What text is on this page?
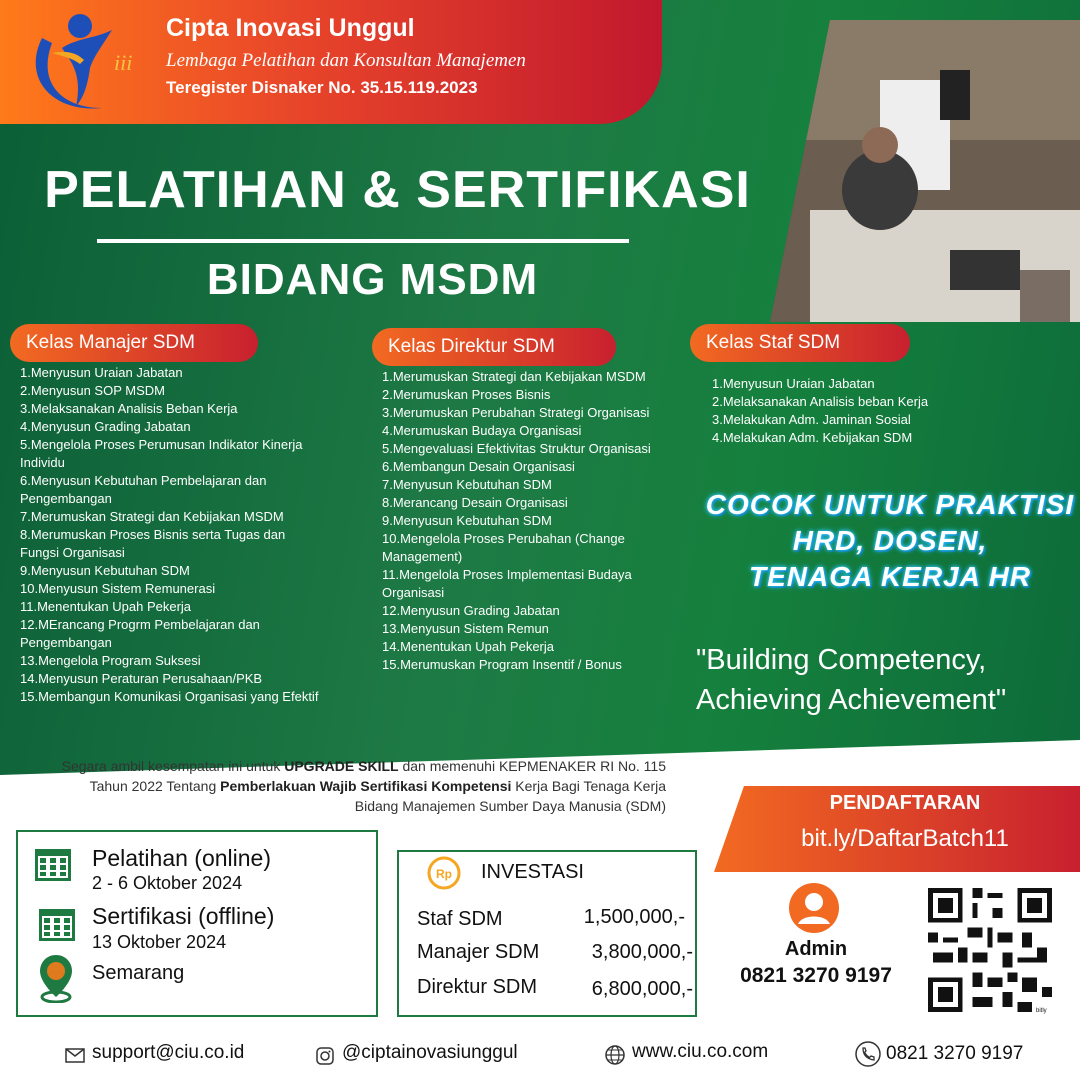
iii
Cipta Inovasi Unggul
Lembaga Pelatihan dan Konsultan Manajemen
Teregister Disnaker No. 35.15.119.2023
PELATIHAN & SERTIFIKASI
BIDANG MSDM
Kelas Manajer SDM	Kelas Direktur SDM	Kelas Staf SDM
1.Menyusun Uraian Jabatan
2.Menyusun SOP MSDM
3.Melaksanakan Analisis Beban Kerja
4.Menyusun Grading Jabatan
5.Mengelola Proses Perumusan Indikator Kinerja Individu
6.Menyusun Kebutuhan Pembelajaran dan Pengembangan
7.Merumuskan Strategi dan Kebijakan MSDM
8.Merumuskan Proses Bisnis serta Tugas dan Fungsi Organisasi
9.Menyusun Kebutuhan SDM
10.Menyusun Sistem Remunerasi
11.Menentukan Upah Pekerja
12.MErancang Progrm Pembelajaran dan Pengembangan
13.Mengelola Program Suksesi
14.Menyusun Peraturan Perusahaan/PKB
15.Membangun Komunikasi Organisasi yang Efektif
1.Merumuskan Strategi dan Kebijakan MSDM
2.Merumuskan Proses Bisnis
3.Merumuskan Perubahan Strategi Organisasi
4.Merumuskan Budaya Organisasi
5.Mengevaluasi Efektivitas Struktur Organisasi
6.Membangun Desain Organisasi
7.Menyusun Kebutuhan SDM
8.Merancang Desain Organisasi
9.Menyusun Kebutuhan SDM
10.Mengelola Proses Perubahan (Change Management)
11.Mengelola Proses Implementasi Budaya Organisasi
12.Menyusun Grading Jabatan
13.Menyusun Sistem Remun
14.Menentukan Upah Pekerja
15.Merumuskan Program Insentif / Bonus
1.Menyusun Uraian Jabatan
2.Melaksanakan Analisis beban Kerja
3.Melakukan Adm. Jaminan Sosial
4.Melakukan Adm. Kebijakan SDM
COCOK UNTUK PRAKTISI
HRD, DOSEN,
TENAGA KERJA HR
"Building Competency,
Achieving Achievement"
Segara ambil kesempatan ini untuk UPGRADE SKILL dan memenuhi KEPMENAKER RI No. 115 Tahun 2022 Tentang Pemberlakuan Wajib Sertifikasi Kompetensi Kerja Bagi Tenaga Kerja Bidang Manajemen Sumber Daya Manusia (SDM)	PENDAFTARAN
bit.ly/DaftarBatch11
Pelatihan (online)
2 - 6 Oktober 2024
Sertifikasi (offline)
13 Oktober 2024
Semarang
Rp INVESTASI
Staf SDM	1,500,000,-
Manajer SDM	3,800,000,-
Direktur SDM	6,800,000,-
Admin
0821 3270 9197
bitly
support@ciu.co.id	@ciptainovasiunggul	www.ciu.co.com	0821 3270 9197
